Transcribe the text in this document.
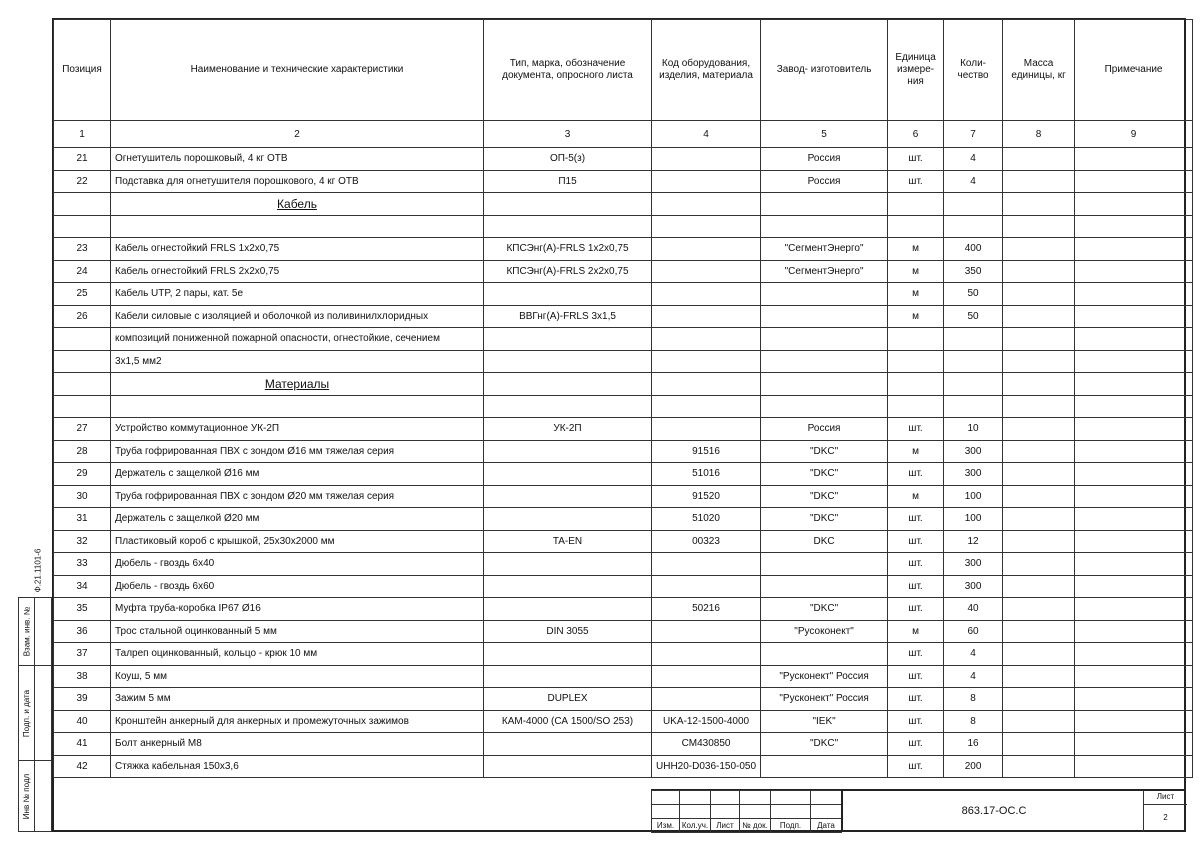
Позиция	Наименование и технические характеристики	Тип, марка, обозначение документа, опросного листа	Код оборудования, изделия, материала	Завод- изготовитель	Единица измере- ния	Коли- чество	Масса единицы, кг	Примечание
1	2	3	4	5	6	7	8	9
21	Огнетушитель порошковый, 4 кг ОТВ	ОП-5(з)		Россия	шт.	4		
22	Подставка для огнетушителя порошкового, 4 кг ОТВ	П15		Россия	шт.	4		
	Кабель							

23	Кабель огнестойкий FRLS 1х2х0,75	КПСЭнг(А)-FRLS 1х2х0,75		"СегментЭнерго"	м	400		
24	Кабель огнестойкий FRLS 2х2х0,75	КПСЭнг(А)-FRLS 2х2х0,75		"СегментЭнерго"	м	350		
25	Кабель UTP, 2 пары, кат. 5е				м	50		
26	Кабели силовые с изоляцией и оболочкой из поливинилхлоридных	ВВГнг(А)-FRLS 3х1,5			м	50		
	композиций пониженной пожарной опасности, огнестойкие, сечением							
	3х1,5 мм2							
	Материалы							

27	Устройство коммутационное УК-2П	УК-2П		Россия	шт.	10		
28	Труба гофрированная ПВХ с зондом Ø16 мм тяжелая серия		91516	"DKC"	м	300		
29	Держатель с защелкой Ø16 мм		51016	"DKC"	шт.	300		
30	Труба гофрированная ПВХ с зондом Ø20 мм тяжелая серия		91520	"DKC"	м	100		
31	Держатель с защелкой Ø20 мм		51020	"DKC"	шт.	100		
32	Пластиковый короб с крышкой, 25х30х2000 мм	TA-EN	00323	DKC	шт.	12		
33	Дюбель - гвоздь 6х40				шт.	300		
34	Дюбель - гвоздь 6х60				шт.	300		
35	Муфта труба-коробка IP67 Ø16		50216	"DKC"	шт.	40		
36	Трос стальной оцинкованный 5 мм	DIN 3055		"Русоконект"	м	60		
37	Талреп оцинкованный, кольцо - крюк 10 мм				шт.	4		
38	Коуш, 5 мм			"Русконект" Россия	шт.	4		
39	Зажим 5 мм	DUPLEX		"Русконект" Россия	шт.	8		
40	Кронштейн анкерный для анкерных и промежуточных зажимов	КАМ-4000 (СА 1500/SO 253)	UKA-12-1500-4000	"IEK"	шт.	8		
41	Болт анкерный M8		CM430850	"DKC"	шт.	16		
42	Стяжка кабельная 150х3,6		UHH20-D036-150-050		шт.	200		
Ф.21.1101-6
Взам. инв. №
Подп. и дата
Инв № подл

Изм.	Кол.уч.	Лист	№ док.	Подп.	Дата
863.17-ОС.С
Лист
2
